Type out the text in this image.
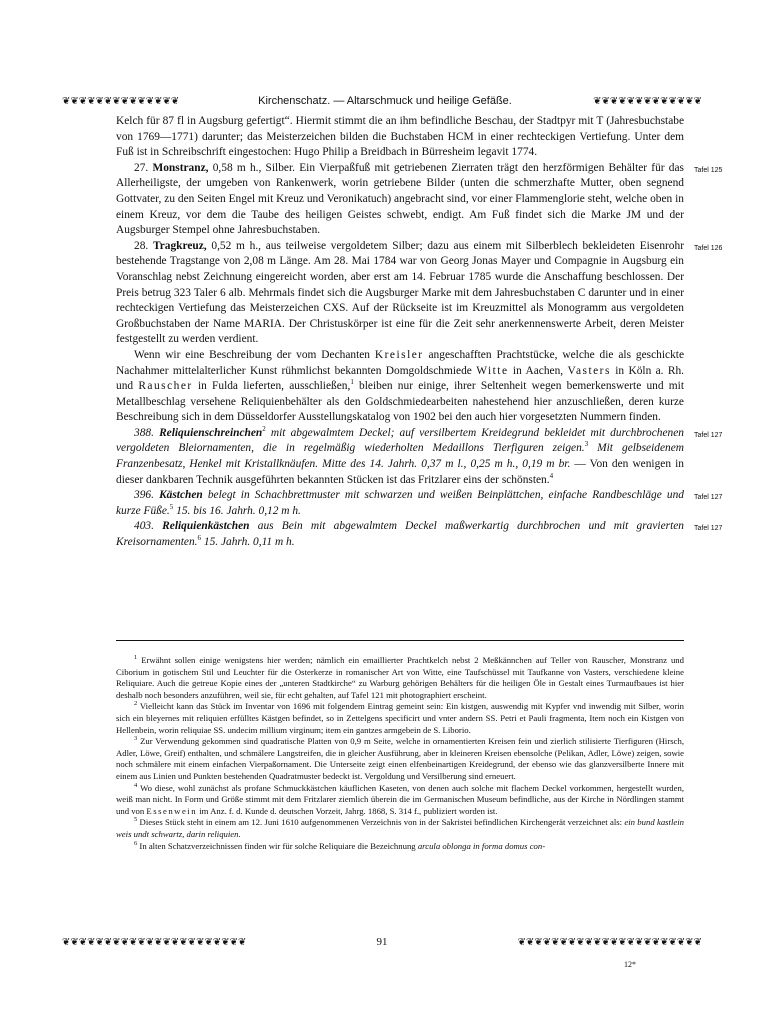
❦❦❦❦❦❦❦❦❦❦❦❦❦❦	Kirchenschatz. — Altarschmuck und heilige Gefäße.	❦❦❦❦❦❦❦❦❦❦❦❦❦

Kelch für 87 fl in Augsburg gefertigt“. Hiermit stimmt die an ihm befindliche Beschau, der Stadtpyr mit T (Jahresbuchstabe von 1769—1771) darunter; das Meisterzeichen bilden die Buchstaben HCM in einer rechteckigen Vertiefung. Unter dem Fuß ist in Schreibschrift eingestochen: Hugo Philip a Breidbach in Bürresheim legavit 1774.

27. Monstranz, 0,58 m h., Silber. Ein Vierpaßfuß mit getriebenen Zierraten trägt den herzförmigen Behälter für das Allerheiligste, der umgeben von Rankenwerk, worin getriebene Bilder (unten die schmerzhafte Mutter, oben segnend Gottvater, zu den Seiten Engel mit Kreuz und Veronikatuch) angebracht sind, vor einer Flammenglorie steht, welche oben in einem Kreuz, vor dem die Taube des heiligen Geistes schwebt, endigt. Am Fuß findet sich die Marke JM und der Augsburger Stempel ohne Jahresbuchstaben.

Tafel 125

28. Tragkreuz, 0,52 m h., aus teilweise vergoldetem Silber; dazu aus einem mit Silberblech bekleideten Eisenrohr bestehende Tragstange von 2,08 m Länge. Am 28. Mai 1784 war von Georg Jonas Mayer und Compagnie in Augsburg ein Voranschlag nebst Zeichnung eingereicht worden, aber erst am 14. Februar 1785 wurde die Anschaffung beschlossen. Der Preis betrug 323 Taler 6 alb. Mehrmals findet sich die Augsburger Marke mit dem Jahresbuchstaben C darunter und in einer rechteckigen Vertiefung das Meisterzeichen CXS. Auf der Rückseite ist im Kreuzmittel als Monogramm aus vergoldeten Großbuchstaben der Name MARIA. Der Christuskörper ist eine für die Zeit sehr anerkennenswerte Arbeit, deren Meister festgestellt zu werden verdient.

Tafel 126

Wenn wir eine Beschreibung der vom Dechanten Kreisler angeschafften Prachtstücke, welche die als geschickte Nachahmer mittelalterlicher Kunst rühmlichst bekannten Domgoldschmiede Witte in Aachen, Vasters in Köln a. Rh. und Rauscher in Fulda lieferten, ausschließen,$^1$ bleiben nur einige, ihrer Seltenheit wegen bemerkenswerte und mit Metallbeschlag versehene Reliquienbehälter als den Goldschmiedearbeiten nahestehend hier anzuschließen, deren kurze Beschreibung sich in dem Düsseldorfer Ausstellungskatalog von 1902 bei den auch hier vorgesetzten Nummern finden.

388. Reliquienschreinchen$^2$ mit abgewalmtem Deckel; auf versilbertem Kreidegrund bekleidet mit durchbrochenen vergoldeten Bleiornamenten, die in regelmäßig wiederholten Medaillons Tierfiguren zeigen.$^3$ Mit gelbseidenem Franzenbesatz, Henkel mit Kristallknäufen. Mitte des 14. Jahrh. 0,37 m l., 0,25 m h., 0,19 m br. — Von den wenigen in dieser dankbaren Technik ausgeführten bekannten Stücken ist das Fritzlarer eins der schönsten.$^4$

Tafel 127

396. Kästchen belegt in Schachbrettmuster mit schwarzen und weißen Beinplättchen, einfache Randbeschläge und kurze Füße.$^5$ 15. bis 16. Jahrh. 0,12 m h.

Tafel 127

403. Reliquienkästchen aus Bein mit abgewalmtem Deckel maßwerkartig durchbrochen und mit gravierten Kreisornamenten.$^6$ 15. Jahrh. 0,11 m h.

Tafel 127

$^1$ Erwähnt sollen einige wenigstens hier werden; nämlich ein emaillierter Prachtkelch nebst 2 Meßkännchen auf Teller von Rauscher, Monstranz und Ciborium in gotischem Stil und Leuchter für die Osterkerze in romanischer Art von Witte, eine Taufschüssel mit Taufkanne von Vasters, verschiedene kleine Reliquiare. Auch die getreue Kopie eines der „unteren Stadtkirche“ zu Warburg gehörigen Behälters für die heiligen Öle in Gestalt eines Turmaufbaues ist hier deshalb noch besonders anzuführen, weil sie, für echt gehalten, auf Tafel 121 mit photographiert erscheint.

$^2$ Vielleicht kann das Stück im Inventar von 1696 mit folgendem Eintrag gemeint sein: Ein kistgen, auswendig mit Kypfer vnd inwendig mit Silber, worin sich ein bleyernes mit reliquien erfülltes Kästgen befindet, so in Zettelgens specificirt und vnter andern SS. Petri et Pauli fragmenta, Item noch ein Kistgen von Hellenbein, worin reliquiae SS. undecim millium virginum; item ein gantzes armgebein de S. Liborio.

$^3$ Zur Verwendung gekommen sind quadratische Platten von 0,9 m Seite, welche in ornamentierten Kreisen fein und zierlich stilisierte Tierfiguren (Hirsch, Adler, Löwe, Greif) enthalten, und schmälere Langstreifen, die in gleicher Ausführung, aber in kleineren Kreisen ebensolche (Pelikan, Adler, Löwe) zeigen, sowie noch schmälere mit einem einfachen Vierpaßornament. Die Unterseite zeigt einen elfenbeinartigen Kreidegrund, der ebenso wie das glanzversilberte Innere mit einem aus Linien und Punkten bestehenden Quadratmuster bedeckt ist. Vergoldung und Versilberung sind erneuert.

$^4$ Wo diese, wohl zunächst als profane Schmuckkästchen käuflichen Kaseten, von denen auch solche mit flachem Deckel vorkommen, hergestellt wurden, weiß man nicht. In Form und Größe stimmt mit dem Fritzlarer ziemlich überein die im Germanischen Museum befindliche, aus der Kirche in Nördlingen stammt und von Essenwein im Anz. f. d. Kunde d. deutschen Vorzeit, Jahrg. 1868, S. 314 f., publiziert worden ist.

$^5$ Dieses Stück steht in einem am 12. Juni 1610 aufgenommenen Verzeichnis von in der Sakristei befindlichen Kirchengerät verzeichnet als: ein bund kastlein weis undt schwartz, darin reliquien.

$^6$ In alten Schatzverzeichnissen finden wir für solche Reliquiare die Bezeichnung arcula oblonga in forma domus con-

❦❦❦❦❦❦❦❦❦❦❦❦❦❦❦❦❦❦❦❦❦❦	91	❦❦❦❦❦❦❦❦❦❦❦❦❦❦❦❦❦❦❦❦❦❦
12*
